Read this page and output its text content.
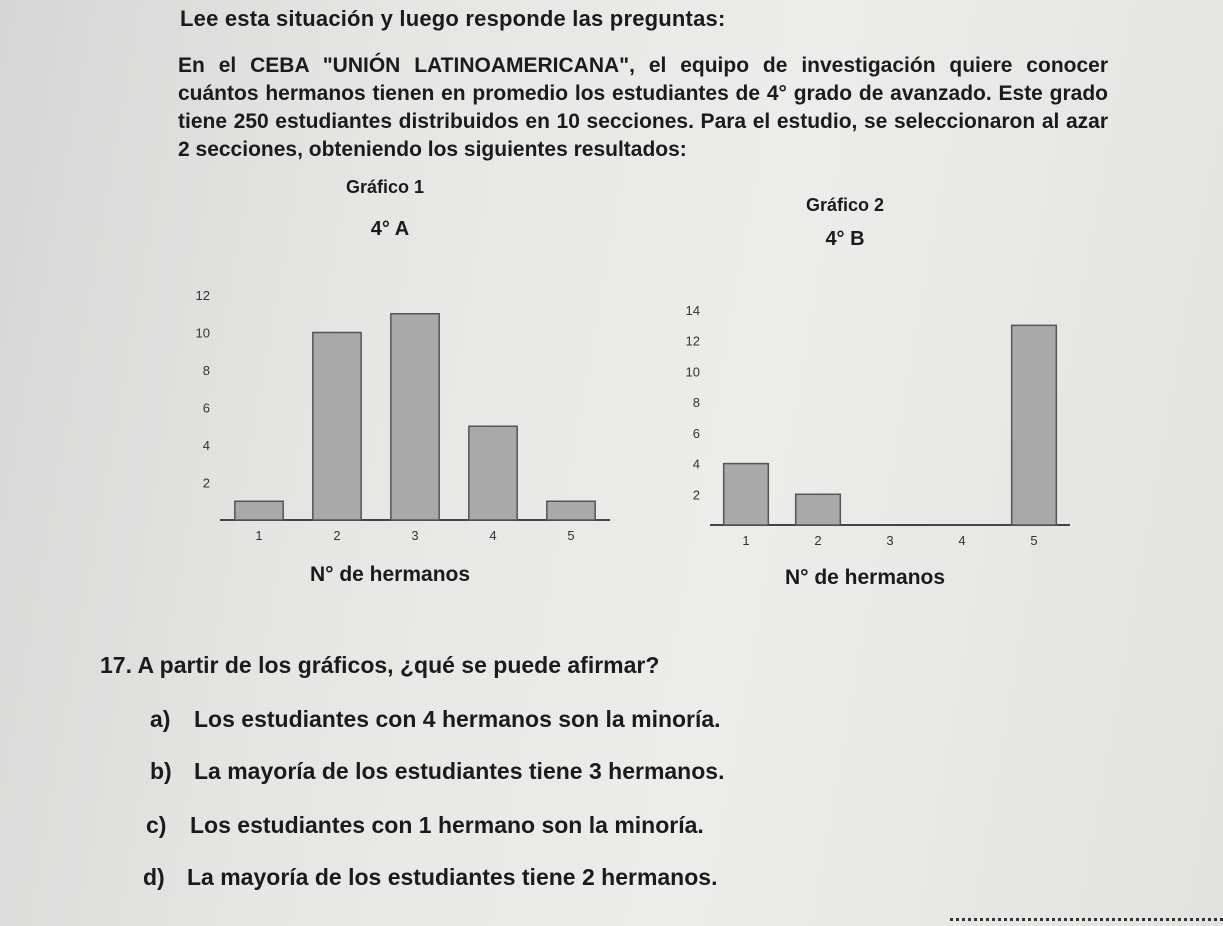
Lee esta situación y luego responde las preguntas:

En el CEBA "UNIÓN LATINOAMERICANA", el equipo de investigación quiere conocer cuántos hermanos tienen en promedio los estudiantes de 4° grado de avanzado. Este grado tiene 250 estudiantes distribuidos en 10 secciones. Para el estudio, se seleccionaron al azar 2 secciones, obteniendo los siguientes resultados:

Gráfico 1
4° A
2
4
6
8
10
12
1	2	3	4	5
N° de hermanos
Gráfico 2
4° B
2
4
6
8
10
12
14
1	2	3	4	5
N° de hermanos
17. A partir de los gráficos, ¿qué se puede afirmar?
a)	Los estudiantes con 4 hermanos son la minoría.
b) La mayoría de los estudiantes tiene 3 hermanos.
c)	Los estudiantes con 1 hermano son la minoría.
d) La mayoría de los estudiantes tiene 2 hermanos.
